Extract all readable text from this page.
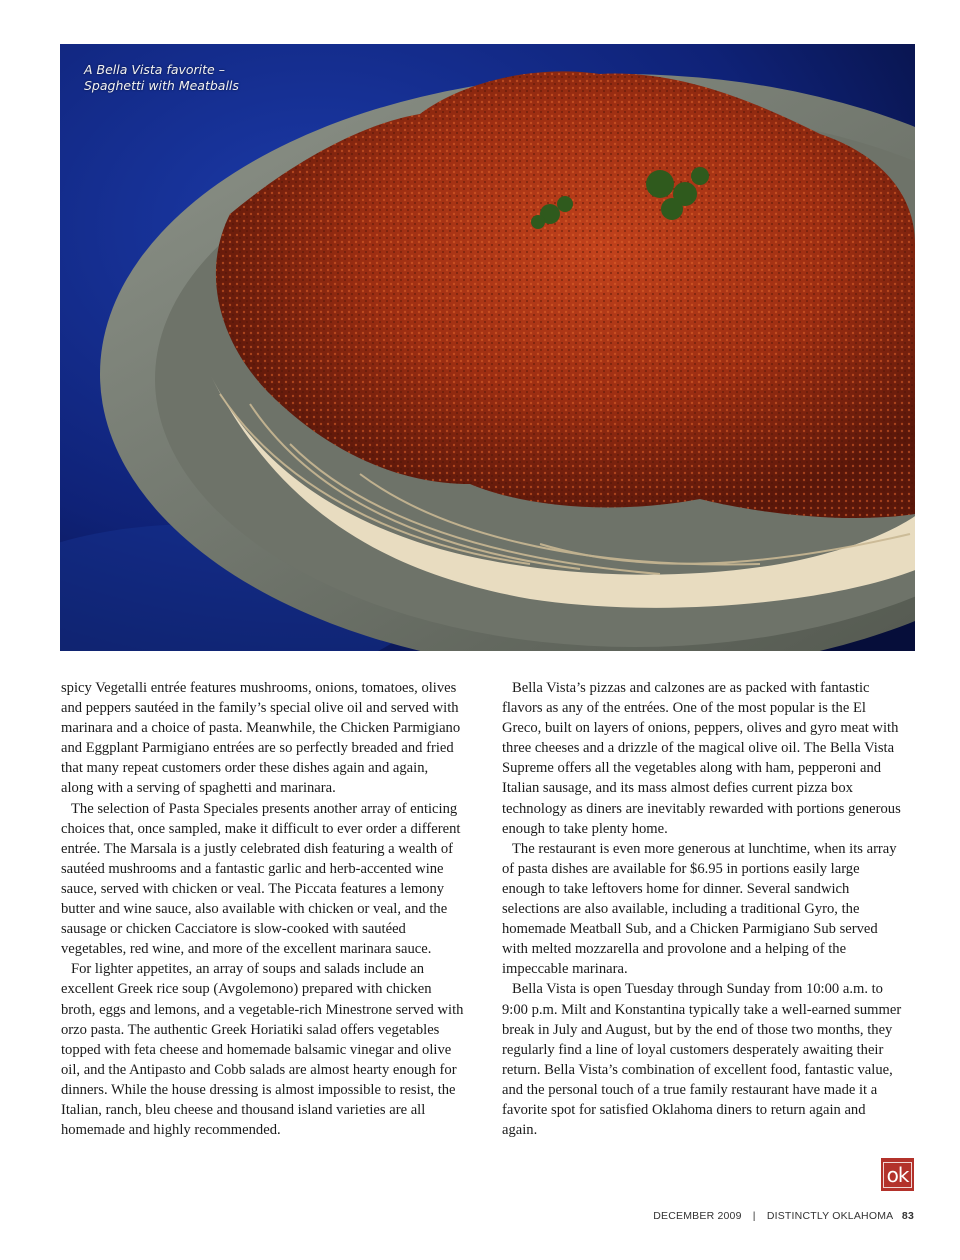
A Bella Vista favorite –
Spaghetti with Meatballs

spicy Vegetalli entrée features mushrooms, onions, tomatoes, olives and peppers sautéed in the family’s special olive oil and served with marinara and a choice of pasta. Meanwhile, the Chicken Parmigiano and Eggplant Parmigiano entrées are so perfectly breaded and fried that many repeat customers order these dishes again and again, along with a serving of spaghetti and marinara.

The selection of Pasta Speciales presents another array of enticing choices that, once sampled, make it difficult to ever order a different entrée. The Marsala is a justly celebrated dish featuring a wealth of sautéed mushrooms and a fantastic garlic and herb-accented wine sauce, served with chicken or veal. The Piccata features a lemony butter and wine sauce, also available with chicken or veal, and the sausage or chicken Cacciatore is slow-cooked with sautéed vegetables, red wine, and more of the excellent marinara sauce.

For lighter appetites, an array of soups and salads include an excellent Greek rice soup (Avgolemono) prepared with chicken broth, eggs and lemons, and a vegetable-rich Minestrone served with orzo pasta. The authentic Greek Horiatiki salad offers vegetables topped with feta cheese and homemade balsamic vinegar and olive oil, and the Antipasto and Cobb salads are almost hearty enough for dinners. While the house dressing is almost impossible to resist, the Italian, ranch, bleu cheese and thousand island varieties are all homemade and highly recommended.

Bella Vista’s pizzas and calzones are as packed with fantastic flavors as any of the entrées. One of the most popular is the El Greco, built on layers of onions, peppers, olives and gyro meat with three cheeses and a drizzle of the magical olive oil. The Bella Vista Supreme offers all the vegetables along with ham, pepperoni and Italian sausage, and its mass almost defies current pizza box technology as diners are inevitably rewarded with portions generous enough to take plenty home.

The restaurant is even more generous at lunchtime, when its array of pasta dishes are available for $6.95 in portions easily large enough to take leftovers home for dinner. Several sandwich selections are also available, including a traditional Gyro, the homemade Meatball Sub, and a Chicken Parmigiano Sub served with melted mozzarella and provolone and a helping of the impeccable marinara.

Bella Vista is open Tuesday through Sunday from 10:00 a.m. to 9:00 p.m. Milt and Konstantina typically take a well-earned summer break in July and August, but by the end of those two months, they regularly find a line of loyal customers desperately awaiting their return. Bella Vista’s combination of excellent food, fantastic value, and the personal touch of a true family restaurant have made it a favorite spot for satisfied Oklahoma diners to return again and again.

ok
DECEMBER 2009 | DISTINCTLY OKLAHOMA 83
